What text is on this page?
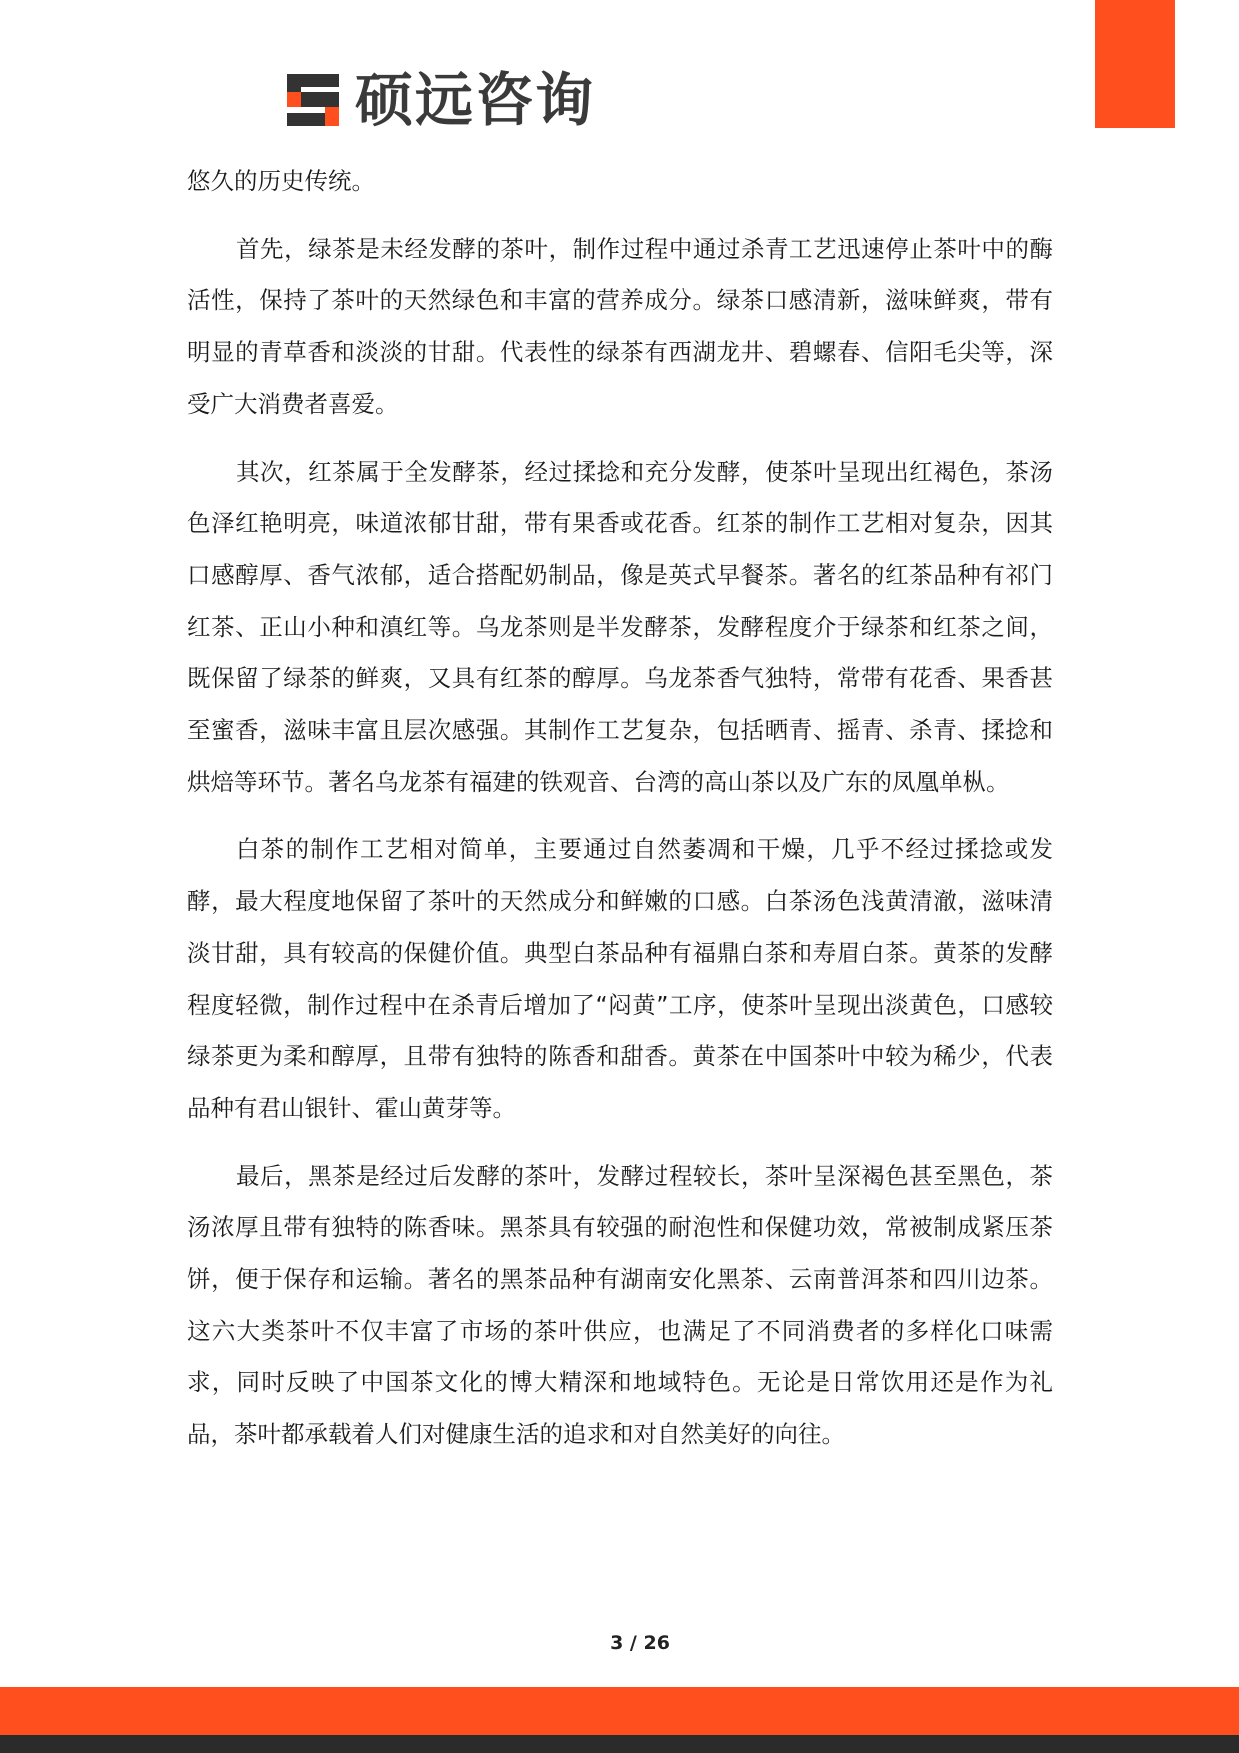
硕远咨询

悠久的历史传统。

首先，绿茶是未经发酵的茶叶，制作过程中通过杀青工艺迅速停止茶叶中的酶活性，保持了茶叶的天然绿色和丰富的营养成分。绿茶口感清新，滋味鲜爽，带有明显的青草香和淡淡的甘甜。代表性的绿茶有西湖龙井、碧螺春、信阳毛尖等，深受广大消费者喜爱。

其次，红茶属于全发酵茶，经过揉捻和充分发酵，使茶叶呈现出红褐色，茶汤色泽红艳明亮，味道浓郁甘甜，带有果香或花香。红茶的制作工艺相对复杂，因其口感醇厚、香气浓郁，适合搭配奶制品，像是英式早餐茶。著名的红茶品种有祁门红茶、正山小种和滇红等。乌龙茶则是半发酵茶，发酵程度介于绿茶和红茶之间，既保留了绿茶的鲜爽，又具有红茶的醇厚。乌龙茶香气独特，常带有花香、果香甚至蜜香，滋味丰富且层次感强。其制作工艺复杂，包括晒青、摇青、杀青、揉捻和烘焙等环节。著名乌龙茶有福建的铁观音、台湾的高山茶以及广东的凤凰单枞。

白茶的制作工艺相对简单，主要通过自然萎凋和干燥，几乎不经过揉捻或发酵，最大程度地保留了茶叶的天然成分和鲜嫩的口感。白茶汤色浅黄清澈，滋味清淡甘甜，具有较高的保健价值。典型白茶品种有福鼎白茶和寿眉白茶。黄茶的发酵程度轻微，制作过程中在杀青后增加了“闷黄”工序，使茶叶呈现出淡黄色，口感较绿茶更为柔和醇厚，且带有独特的陈香和甜香。黄茶在中国茶叶中较为稀少，代表品种有君山银针、霍山黄芽等。

最后，黑茶是经过后发酵的茶叶，发酵过程较长，茶叶呈深褐色甚至黑色，茶汤浓厚且带有独特的陈香味。黑茶具有较强的耐泡性和保健功效，常被制成紧压茶饼，便于保存和运输。著名的黑茶品种有湖南安化黑茶、云南普洱茶和四川边茶。这六大类茶叶不仅丰富了市场的茶叶供应，也满足了不同消费者的多样化口味需求，同时反映了中国茶文化的博大精深和地域特色。无论是日常饮用还是作为礼品，茶叶都承载着人们对健康生活的追求和对自然美好的向往。

3 / 26
